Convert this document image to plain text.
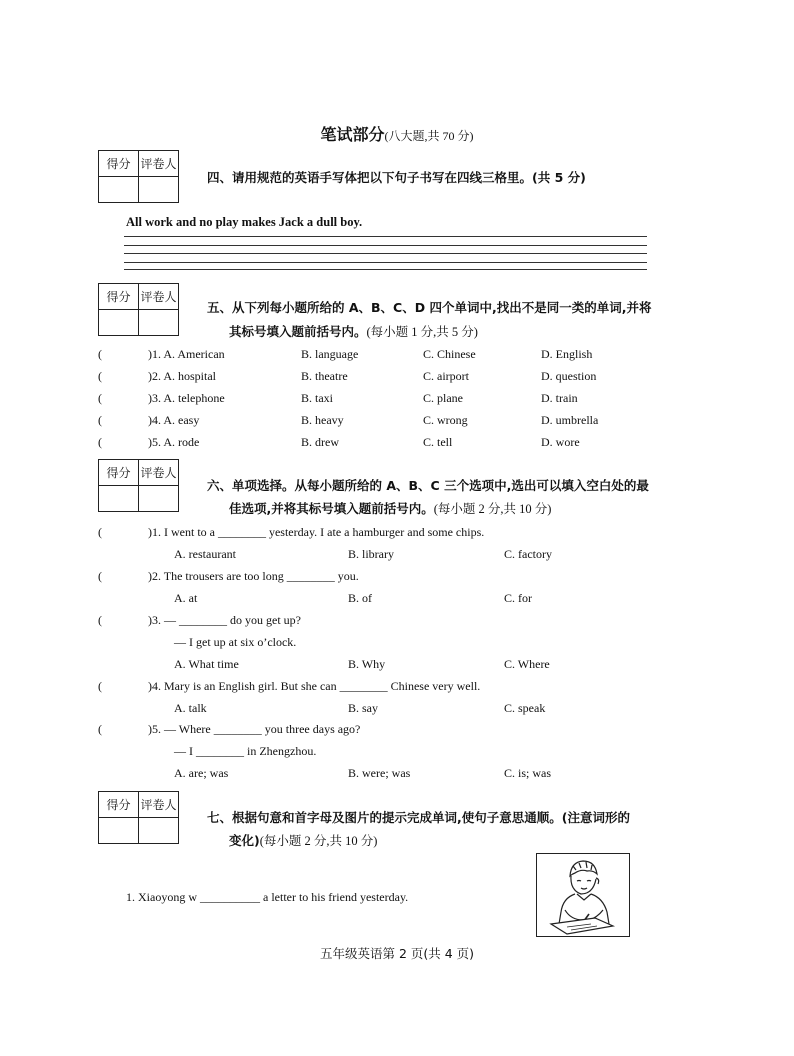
笔试部分(八大题,共 70 分)
得分	评卷人

四、请用规范的英语手写体把以下句子书写在四线三格里。(共 5 分)
All work and no play makes Jack a dull boy.
得分	评卷人

五、从下列每小题所给的 A、B、C、D 四个单词中,找出不是同一类的单词,并将
其标号填入题前括号内。(每小题 1 分,共 5 分)
(	)1. A. American	B. language	C. Chinese	D. English
(	)2. A. hospital	B. theatre	C. airport	D. question
(	)3. A. telephone	B. taxi	C. plane	D. train
(	)4. A. easy	B. heavy	C. wrong	D. umbrella
(	)5. A. rode	B. drew	C. tell	D. wore
得分	评卷人

六、单项选择。从每小题所给的 A、B、C 三个选项中,选出可以填入空白处的最
佳选项,并将其标号填入题前括号内。(每小题 2 分,共 10 分)
(	)1. I went to a ________ yesterday. I ate a hamburger and some chips.
A. restaurant	B. library	C. factory
(	)2. The trousers are too long ________ you.
A. at	B. of	C. for
(	)3. — ________ do you get up?
— I get up at six o’clock.
A. What time	B. Why	C. Where
(	)4. Mary is an English girl. But she can ________ Chinese very well.
A. talk	B. say	C. speak
(	)5. — Where ________ you three days ago?
— I ________ in Zhengzhou.
A. are; was	B. were; was	C. is; was
得分	评卷人

七、根据句意和首字母及图片的提示完成单词,使句子意思通顺。(注意词形的
变化)(每小题 2 分,共 10 分)
1. Xiaoyong w __________ a letter to his friend yesterday.
五年级英语第 2 页(共 4 页)
